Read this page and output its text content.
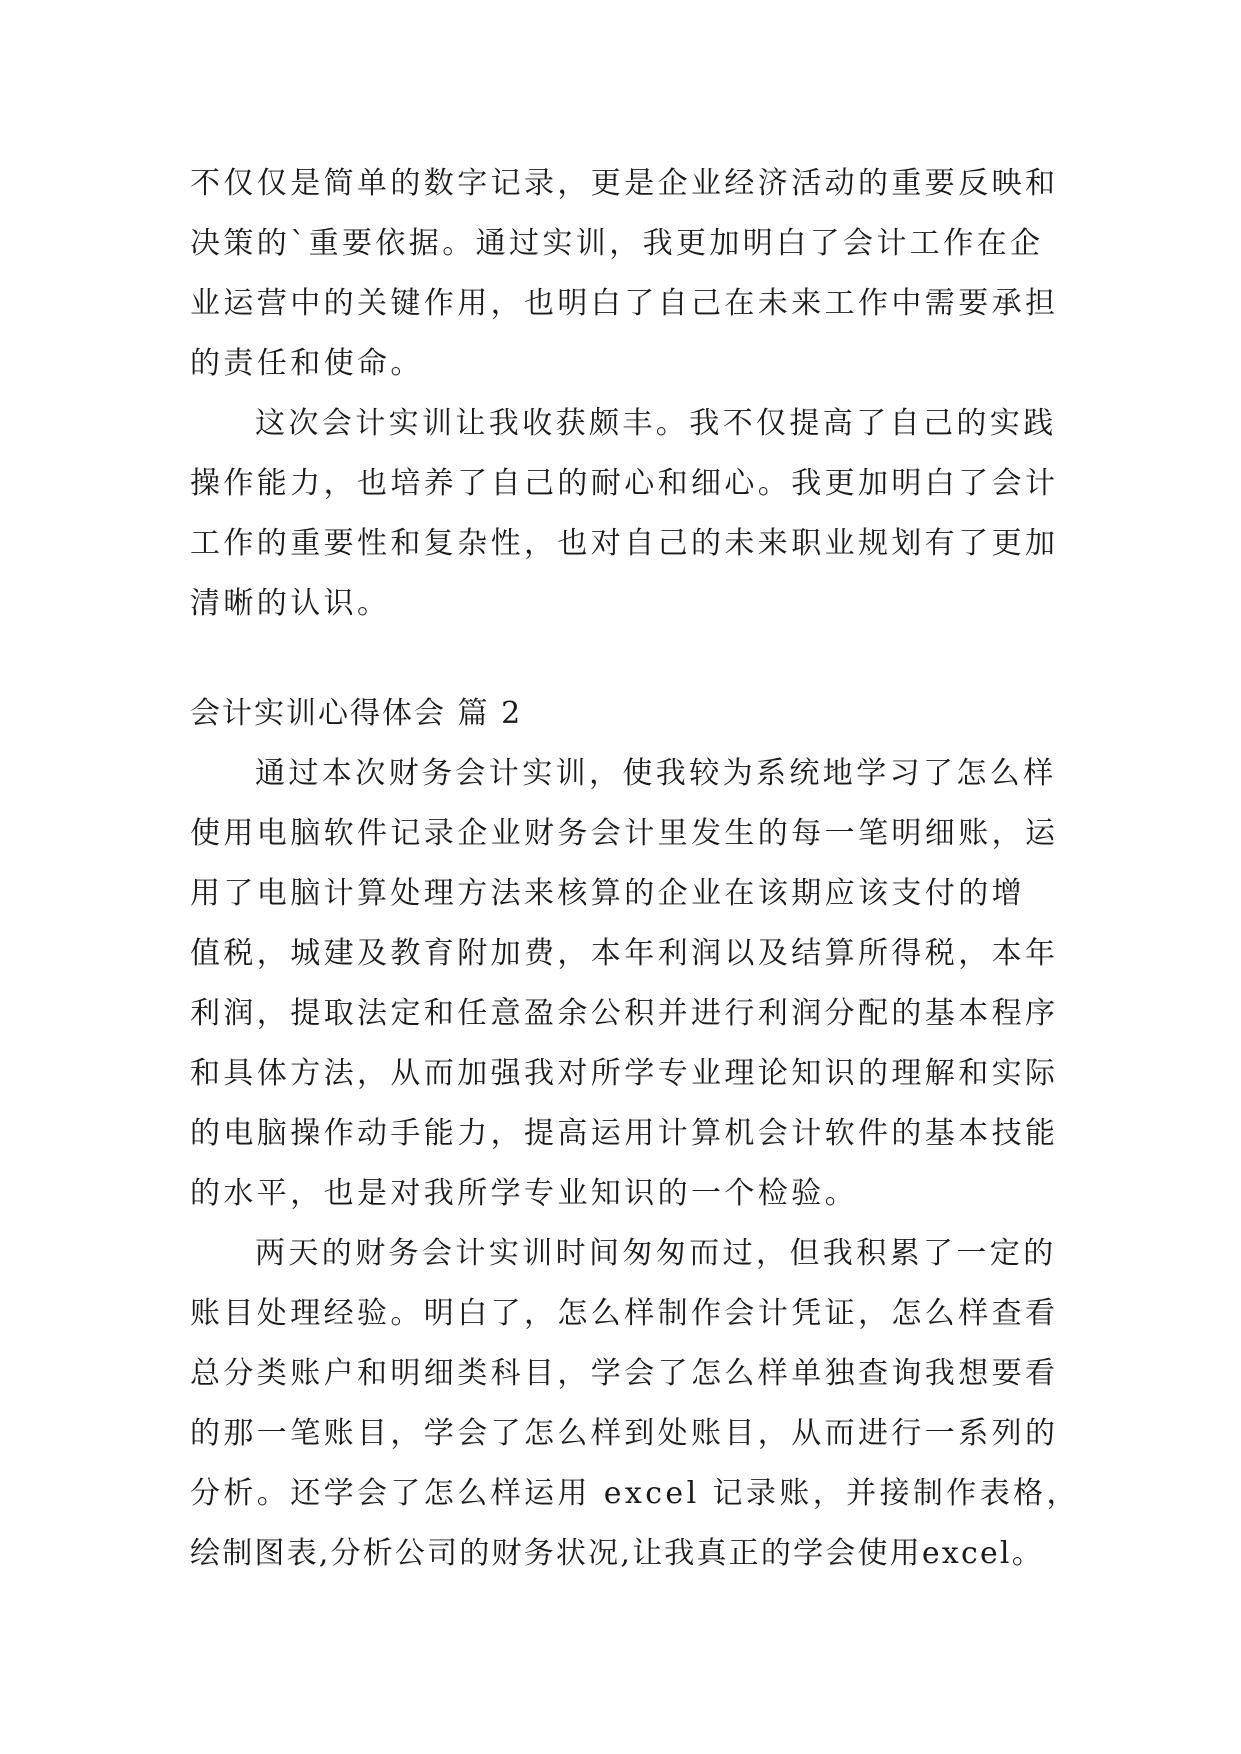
不仅仅是简单的数字记录，更是企业经济活动的重要反映和
决策的`重要依据。通过实训，我更加明白了会计工作在企
业运营中的关键作用，也明白了自己在未来工作中需要承担
的责任和使命。
这次会计实训让我收获颇丰。我不仅提高了自己的实践
操作能力，也培养了自己的耐心和细心。我更加明白了会计
工作的重要性和复杂性，也对自己的未来职业规划有了更加
清晰的认识。
会计实训心得体会 篇 2
通过本次财务会计实训，使我较为系统地学习了怎么样
使用电脑软件记录企业财务会计里发生的每一笔明细账，运
用了电脑计算处理方法来核算的企业在该期应该支付的增
值税，城建及教育附加费，本年利润以及结算所得税，本年
利润，提取法定和任意盈余公积并进行利润分配的基本程序
和具体方法，从而加强我对所学专业理论知识的理解和实际
的电脑操作动手能力，提高运用计算机会计软件的基本技能
的水平，也是对我所学专业知识的一个检验。
两天的财务会计实训时间匆匆而过，但我积累了一定的
账目处理经验。明白了，怎么样制作会计凭证，怎么样查看
总分类账户和明细类科目，学会了怎么样单独查询我想要看
的那一笔账目，学会了怎么样到处账目，从而进行一系列的
分析。还学会了怎么样运用 excel 记录账，并接制作表格，
绘制图表,分析公司的财务状况,让我真正的学会使用excel。
